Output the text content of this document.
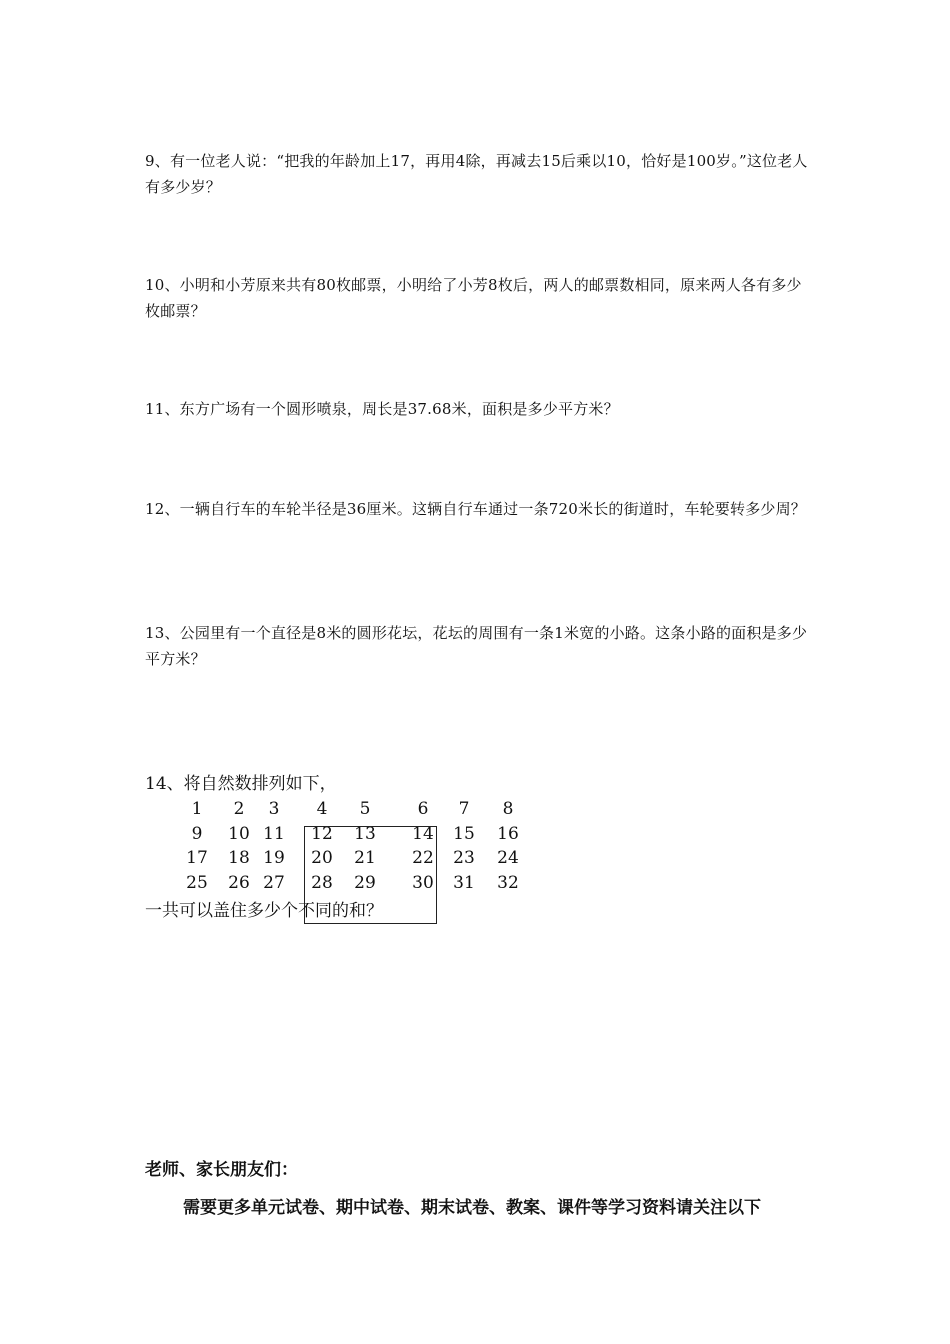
9、有一位老人说：“把我的年龄加上17，再用4除，再减去15后乘以10，恰好是100岁。”这位老人有多少岁？

10、小明和小芳原来共有80枚邮票，小明给了小芳8枚后，两人的邮票数相同，原来两人各有多少枚邮票？

11、东方广场有一个圆形喷泉，周长是37.68米，面积是多少平方米？

12、一辆自行车的车轮半径是36厘米。这辆自行车通过一条720米长的街道时，车轮要转多少周？

13、公园里有一个直径是8米的圆形花坛，花坛的周围有一条1米宽的小路。这条小路的面积是多少平方米？

14、将自然数排列如下，

1	2	3	4	5	6	7	8
9	10 11 12 13 14 15 16
17 18 19 20 21 22 23 24
25 26 27 28 29 30 31 32

一共可以盖住多少个不同的和？

老师、家长朋友们：

需要更多单元试卷、期中试卷、期末试卷、教案、课件等学习资料请关注以下
